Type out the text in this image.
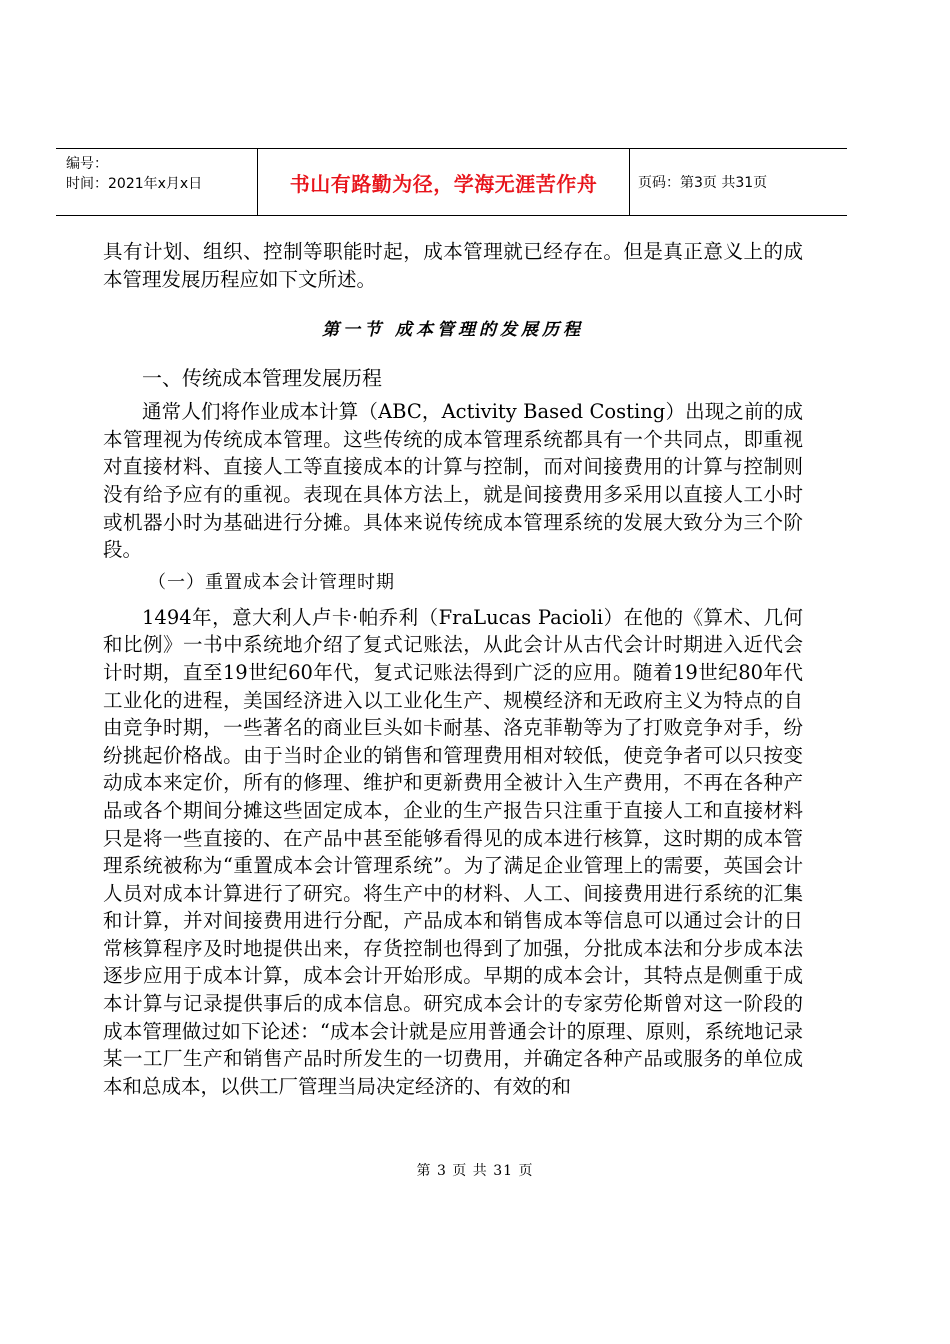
编号：
时间：2021年x月x日	书山有路勤为径，学海无涯苦作舟	页码：第3页 共31页

具有计划、组织、控制等职能时起，成本管理就已经存在。但是真正意义上的成本管理发展历程应如下文所述。

第一节 成本管理的发展历程
一、传统成本管理发展历程

通常人们将作业成本计算（ABC，Activity Based Costing）出现之前的成本管理视为传统成本管理。这些传统的成本管理系统都具有一个共同点，即重视对直接材料、直接人工等直接成本的计算与控制，而对间接费用的计算与控制则没有给予应有的重视。表现在具体方法上，就是间接费用多采用以直接人工小时或机器小时为基础进行分摊。具体来说传统成本管理系统的发展大致分为三个阶段。

（一）重置成本会计管理时期

1494年，意大利人卢卡·帕乔利（FraLucas Pacioli）在他的《算术、几何和比例》一书中系统地介绍了复式记账法，从此会计从古代会计时期进入近代会计时期，直至19世纪60年代，复式记账法得到广泛的应用。随着19世纪80年代工业化的进程，美国经济进入以工业化生产、规模经济和无政府主义为特点的自由竞争时期，一些著名的商业巨头如卡耐基、洛克菲勒等为了打败竞争对手，纷纷挑起价格战。由于当时企业的销售和管理费用相对较低，使竞争者可以只按变动成本来定价，所有的修理、维护和更新费用全被计入生产费用，不再在各种产品或各个期间分摊这些固定成本，企业的生产报告只注重于直接人工和直接材料只是将一些直接的、在产品中甚至能够看得见的成本进行核算，这时期的成本管理系统被称为“重置成本会计管理系统”。为了满足企业管理上的需要，英国会计人员对成本计算进行了研究。将生产中的材料、人工、间接费用进行系统的汇集和计算，并对间接费用进行分配，产品成本和销售成本等信息可以通过会计的日常核算程序及时地提供出来，存货控制也得到了加强，分批成本法和分步成本法逐步应用于成本计算，成本会计开始形成。早期的成本会计，其特点是侧重于成本计算与记录提供事后的成本信息。研究成本会计的专家劳伦斯曾对这一阶段的成本管理做过如下论述：“成本会计就是应用普通会计的原理、原则，系统地记录某一工厂生产和销售产品时所发生的一切费用，并确定各种产品或服务的单位成本和总成本，以供工厂管理当局决定经济的、有效的和

第 3 页 共 31 页
